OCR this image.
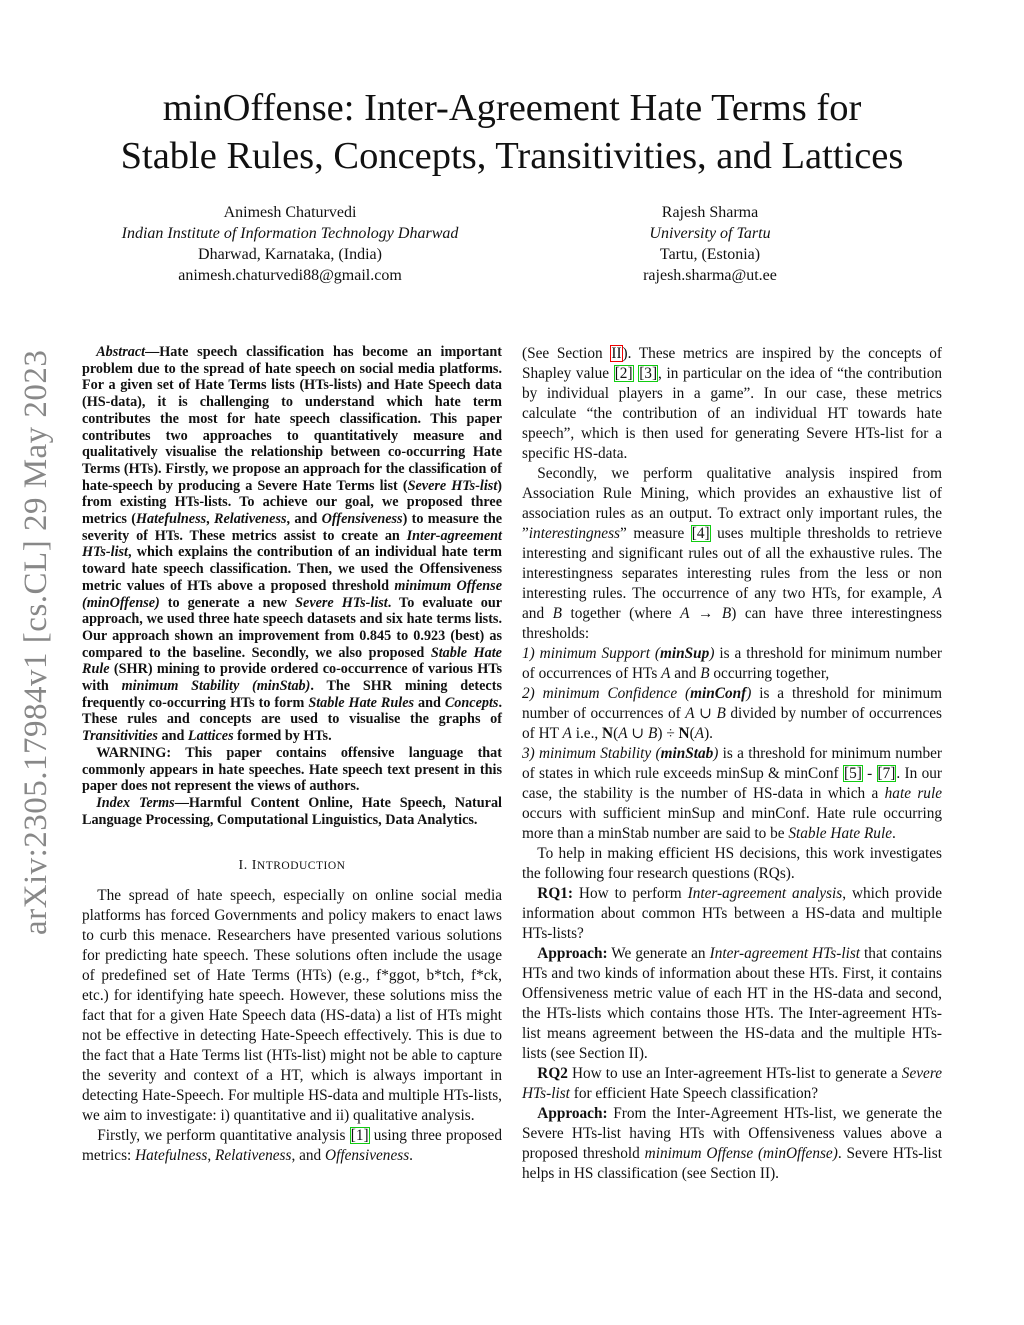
minOffense: Inter-Agreement Hate Terms for
Stable Rules, Concepts, Transitivities, and Lattices
Animesh Chaturvedi
Indian Institute of Information Technology Dharwad
Dharwad, Karnataka, (India)
animesh.chaturvedi88@gmail.com
Rajesh Sharma
University of Tartu
Tartu, (Estonia)
rajesh.sharma@ut.ee
arXiv:2305.17984v1 [cs.CL] 29 May 2023	Abstract—Hate speech classification has become an important problem due to the spread of hate speech on social media platforms. For a given set of Hate Terms lists (HTs-lists) and Hate Speech data (HS-data), it is challenging to understand which hate term contributes the most for hate speech classification. This paper contributes two approaches to quantitatively measure and qualitatively visualise the relationship between co-occurring Hate Terms (HTs). Firstly, we propose an approach for the classification of hate-speech by producing a Severe Hate Terms list (Severe HTs-list) from existing HTs-lists. To achieve our goal, we proposed three metrics (Hatefulness, Relativeness, and Offensiveness) to measure the severity of HTs. These metrics assist to create an Inter-agreement HTs-list, which explains the contribution of an individual hate term toward hate speech classification. Then, we used the Offensiveness metric values of HTs above a proposed threshold minimum Offense (minOffense) to generate a new Severe HTs-list. To evaluate our approach, we used three hate speech datasets and six hate terms lists. Our approach shown an improvement from 0.845 to 0.923 (best) as compared to the baseline. Secondly, we also proposed Stable Hate Rule (SHR) mining to provide ordered co-occurrence of various HTs with minimum Stability (minStab). The SHR mining detects frequently co-occurring HTs to form Stable Hate Rules and Concepts. These rules and concepts are used to visualise the graphs of Transitivities and Lattices formed by HTs.

WARNING: This paper contains offensive language that commonly appears in hate speeches. Hate speech text present in this paper does not represent the views of authors.

Index Terms—Harmful Content Online, Hate Speech, Natural Language Processing, Computational Linguistics, Data Analytics.

I. INTRODUCTION

The spread of hate speech, especially on online social media platforms has forced Governments and policy makers to enact laws to curb this menace. Researchers have presented various solutions for predicting hate speech. These solutions often include the usage of predefined set of Hate Terms (HTs) (e.g., f*ggot, b*tch, f*ck, etc.) for identifying hate speech. However, these solutions miss the fact that for a given Hate Speech data (HS-data) a list of HTs might not be effective in detecting Hate-Speech effectively. This is due to the fact that a Hate Terms list (HTs-list) might not be able to capture the severity and context of a HT, which is always important in detecting Hate-Speech. For multiple HS-data and multiple HTs-lists, we aim to investigate: i) quantitative and ii) qualitative analysis.

Firstly, we perform quantitative analysis [1] using three proposed metrics: Hatefulness, Relativeness, and Offensiveness.

(See Section II). These metrics are inspired by the concepts of Shapley value [2] [3], in particular on the idea of “the contribution by individual players in a game”. In our case, these metrics calculate “the contribution of an individual HT towards hate speech”, which is then used for generating Severe HTs-list for a specific HS-data.

Secondly, we perform qualitative analysis inspired from Association Rule Mining, which provides an exhaustive list of association rules as an output. To extract only important rules, the ”interestingness” measure [4] uses multiple thresholds to retrieve interesting and significant rules out of all the exhaustive rules. The interestingness separates interesting rules from the less or non interesting rules. The occurrence of any two HTs, for example, A and B together (where A → B) can have three interestingness thresholds:

1) minimum Support (minSup) is a threshold for minimum number of occurrences of HTs A and B occurring together,

2) minimum Confidence (minConf) is a threshold for minimum number of occurrences of A ∪ B divided by number of occurrences of HT A i.e., N(A ∪ B) ÷ N(A).

3) minimum Stability (minStab) is a threshold for minimum number of states in which rule exceeds minSup & minConf [5] - [7]. In our case, the stability is the number of HS-data in which a hate rule occurs with sufficient minSup and minConf. Hate rule occurring more than a minStab number are said to be Stable Hate Rule.

To help in making efficient HS decisions, this work investigates the following four research questions (RQs).

RQ1: How to perform Inter-agreement analysis, which provide information about common HTs between a HS-data and multiple HTs-lists?

Approach: We generate an Inter-agreement HTs-list that contains HTs and two kinds of information about these HTs. First, it contains Offensiveness metric value of each HT in the HS-data and second, the HTs-lists which contains those HTs. The Inter-agreement HTs-list means agreement between the HS-data and the multiple HTs-lists (see Section II).

RQ2 How to use an Inter-agreement HTs-list to generate a Severe HTs-list for efficient Hate Speech classification?

Approach: From the Inter-Agreement HTs-list, we generate the Severe HTs-list having HTs with Offensiveness values above a proposed threshold minimum Offense (minOffense). Severe HTs-list helps in HS classification (see Section II).
